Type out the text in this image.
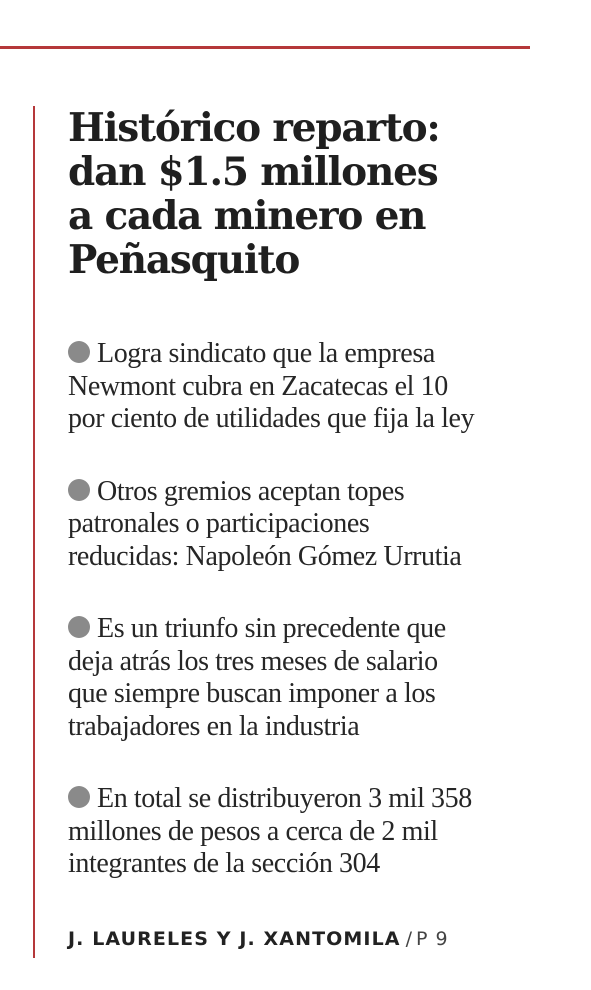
Histórico reparto:
dan $1.5 millones
a cada minero en
Peñasquito
Logra sindicato que la empresa
Newmont cubra en Zacatecas el 10
por ciento de utilidades que fija la ley
Otros gremios aceptan topes
patronales o participaciones
reducidas: Napoleón Gómez Urrutia
Es un triunfo sin precedente que
deja atrás los tres meses de salario
que siempre buscan imponer a los
trabajadores en la industria
En total se distribuyeron 3 mil 358
millones de pesos a cerca de 2 mil
integrantes de la sección 304

J. LAURELES Y J. XANTOMILA / P 9
